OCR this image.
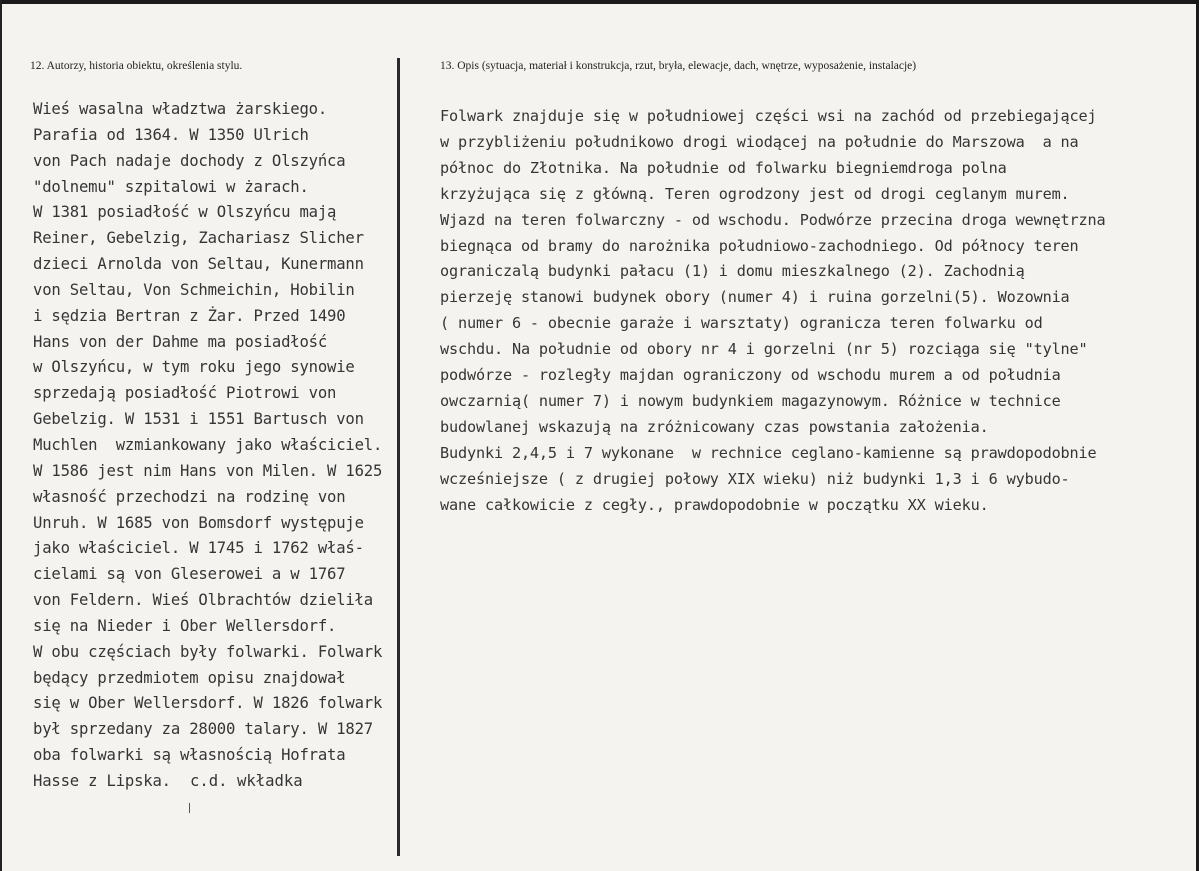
12. Autorzy, historia obiektu, określenia stylu.	13. Opis (sytuacja, materiał i konstrukcja, rzut, bryła, elewacje, dach, wnętrze, wyposażenie, instalacje)
Wieś wasalna władztwa żarskiego.
Parafia od 1364. W 1350 Ulrich
von Pach nadaje dochody z Olszyńca
"dolnemu" szpitalowi w żarach.
W 1381 posiadłość w Olszyńcu mają
Reiner, Gebelzig, Zachariasz Slicher
dzieci Arnolda von Seltau, Kunermann
von Seltau, Von Schmeichin, Hobilin
i sędzia Bertran z Żar. Przed 1490
Hans von der Dahme ma posiadłość
w Olszyńcu, w tym roku jego synowie
sprzedają posiadłość Piotrowi von
Gebelzig. W 1531 i 1551 Bartusch von
Muchlen  wzmiankowany jako właściciel.
W 1586 jest nim Hans von Milen. W 1625
własność przechodzi na rodzinę von
Unruh. W 1685 von Bomsdorf występuje
jako właściciel. W 1745 i 1762 właś-
cielami są von Gleserowei a w 1767
von Feldern. Wieś Olbrachtów dzieliła
się na Nieder i Ober Wellersdorf.
W obu częściach były folwarki. Folwark
będący przedmiotem opisu znajdował
się w Ober Wellersdorf. W 1826 folwark
był sprzedany za 28000 talary. W 1827
oba folwarki są własnością Hofrata
Hasse z Lipska.	c.d. wkładka
Folwark znajduje się w południowej części wsi na zachód od przebiegającej
w przybliżeniu południkowo drogi wiodącej na południe do Marszowa  a na
północ do Złotnika. Na południe od folwarku biegniemdroga polna
krzyżująca się z główną. Teren ogrodzony jest od drogi ceglanym murem.
Wjazd na teren folwarczny - od wschodu. Podwórze przecina droga wewnętrzna
biegnąca od bramy do narożnika południowo-zachodniego. Od północy teren
ograniczalą budynki pałacu (1) i domu mieszkalnego (2). Zachodnią
pierzeję stanowi budynek obory (numer 4) i ruina gorzelni(5). Wozownia
( numer 6 - obecnie garaże i warsztaty) ogranicza teren folwarku od
wschdu. Na południe od obory nr 4 i gorzelni (nr 5) rozciąga się "tylne"
podwórze - rozległy majdan ograniczony od wschodu murem a od południa
owczarnią( numer 7) i nowym budynkiem magazynowym. Różnice w technice
budowlanej wskazują na zróżnicowany czas powstania założenia.
Budynki 2,4,5 i 7 wykonane  w rechnice ceglano-kamienne są prawdopodobnie
wcześniejsze ( z drugiej połowy XIX wieku) niż budynki 1,3 i 6 wybudo-
wane całkowicie z cegły., prawdopodobnie w początku XX wieku.
